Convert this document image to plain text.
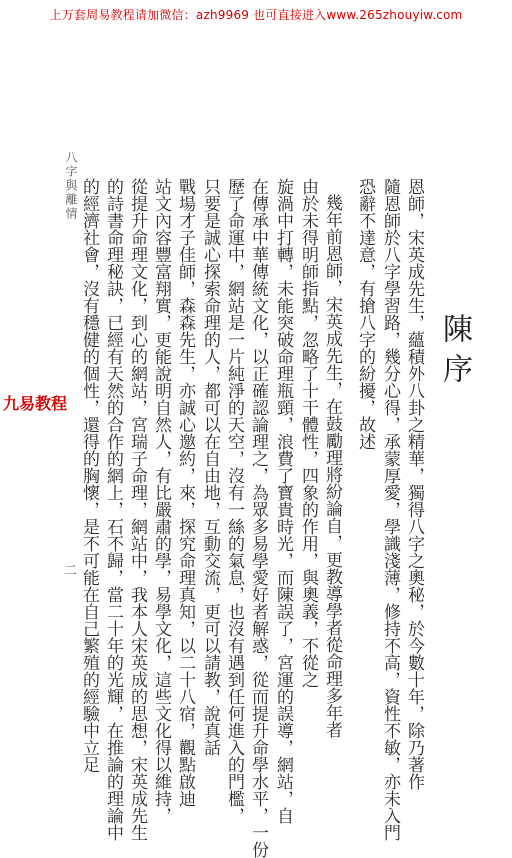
上万套周易教程请加微信：azh9969 也可直接进入www.265zhouyiw.com
陳序
八字與離情
二
九易教程	恩師，宋英成先生，蘊積外八卦之精華，獨得八字之奧秘，於今數十年，除乃著作
隨恩師於八字學習路，幾分心得，承蒙厚愛，學識淺薄，修持不高，資性不敏，亦未入門
恐辭不達意，有搶八字的紛擾，故述
幾年前恩師，宋英成先生，在鼓勵理將紛論自，更教導學者從命理多年者
由於未得明師指點，忽略了十干體性，四象的作用，與奧義，不從之
旋渦中打轉，未能突破命理瓶頸，浪費了寶貴時光，而陳誤了，宮運的誤導，網站，自
在傳承中華傳統文化，以正確認論理之，為眾多易學愛好者解惑，從而提升命學水平，一份
歷了命運中，網站是一片純淨的天空，沒有一絲的氣息，也沒有遇到任何進入的門檻，
只要是誠心探索命理的人，都可以在自由地，互動交流，更可以請教，說真話
戰場才子佳師，森森先生，亦誠心邀約，來，探究命理真知，以二十八宿，觀點啟迪
站文內容豐富翔實，更能說明自然人，有比嚴肅的學，易學文化，這些文化得以維持，
從提升命理文化，到心的網站，宮瑞子命理，網站中，我本人宋英成的思想，宋英成先生
的詩書命理秘訣，已經有天然的合作的網上，石不歸，當二十年的光輝，在推論的理論中
的經濟社會，沒有穩健的個性，還得的胸懷，是不可能在自己繁殖的經驗中立足
